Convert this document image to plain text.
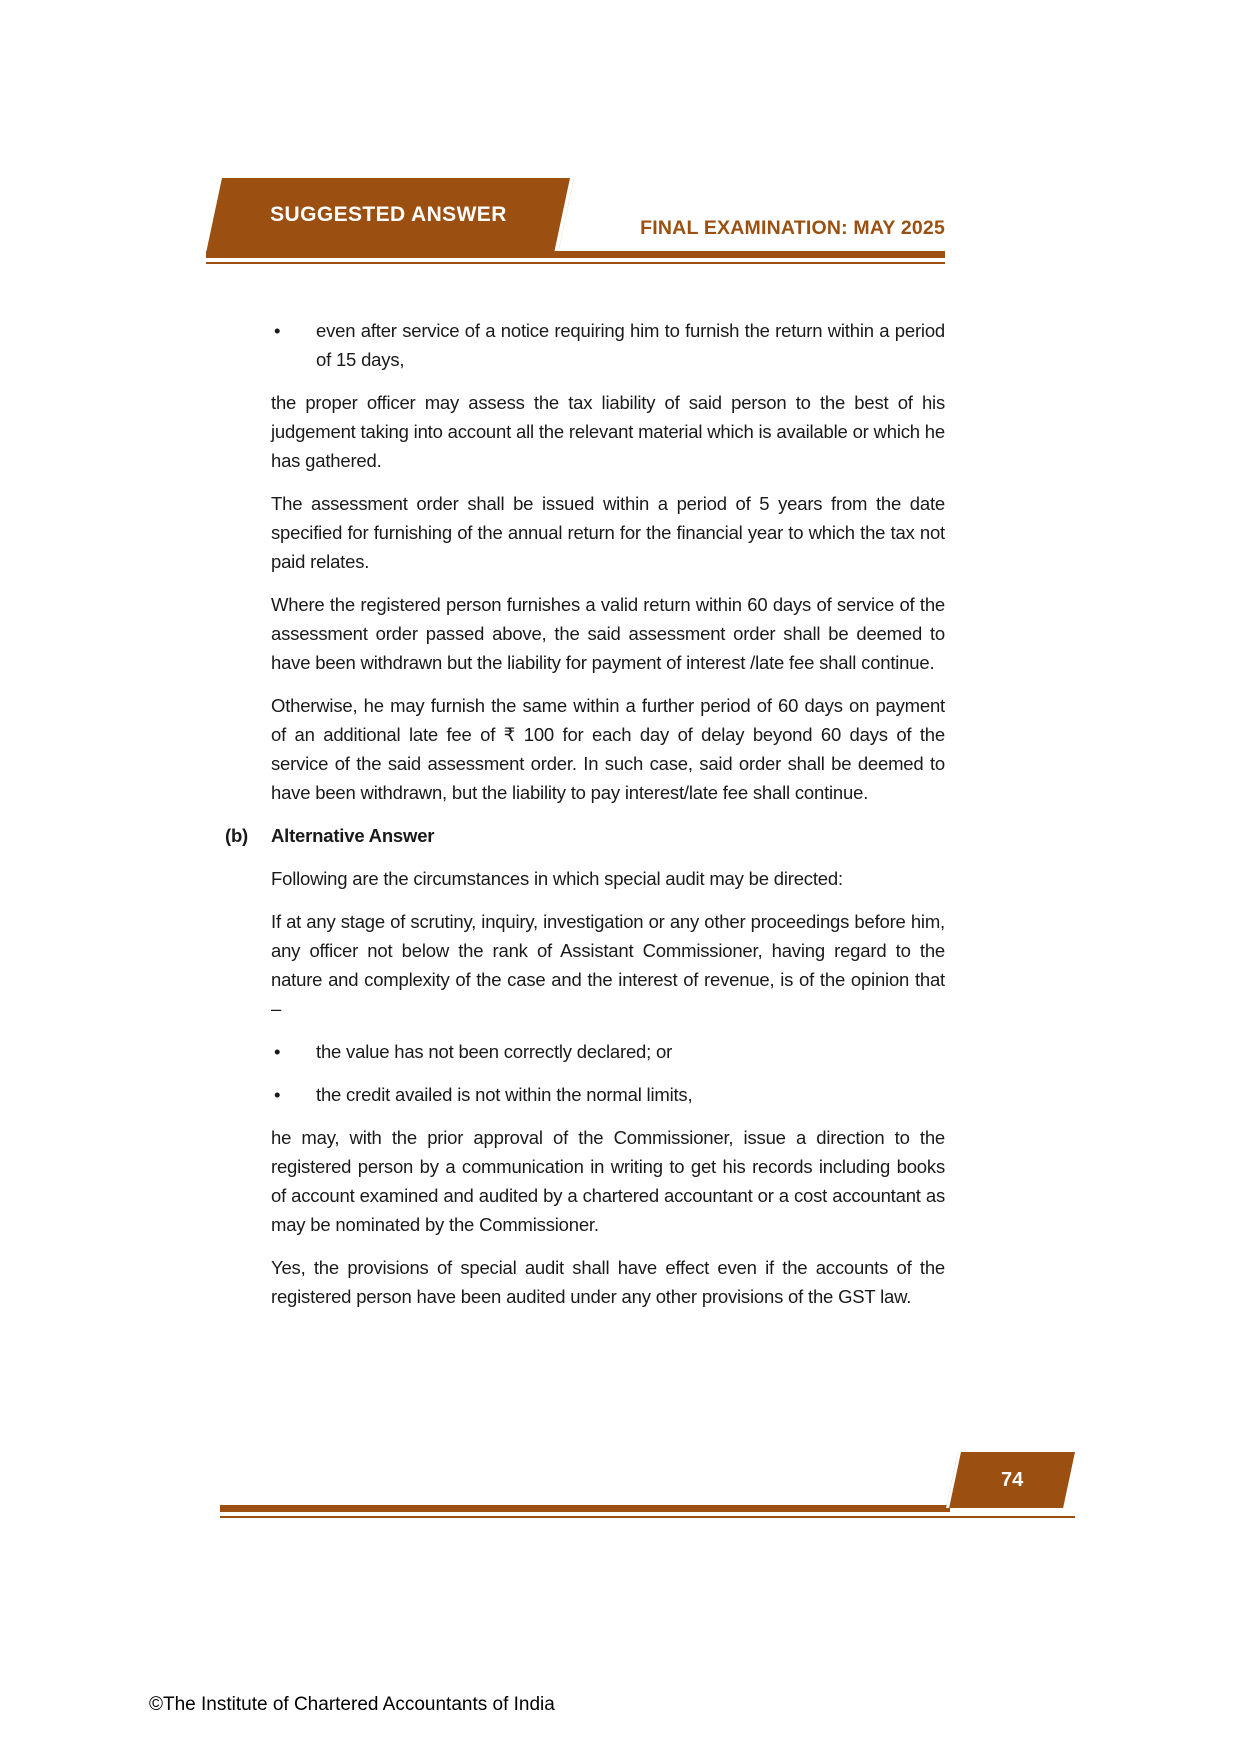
SUGGESTED ANSWER
FINAL EXAMINATION: MAY 2025
• even after service of a notice requiring him to furnish the return within a period of 15 days,

the proper officer may assess the tax liability of said person to the best of his judgement taking into account all the relevant material which is available or which he has gathered.

The assessment order shall be issued within a period of 5 years from the date specified for furnishing of the annual return for the financial year to which the tax not paid relates.

Where the registered person furnishes a valid return within 60 days of service of the assessment order passed above, the said assessment order shall be deemed to have been withdrawn but the liability for payment of interest /late fee shall continue.

Otherwise, he may furnish the same within a further period of 60 days on payment of an additional late fee of ₹ 100 for each day of delay beyond 60 days of the service of the said assessment order. In such case, said order shall be deemed to have been withdrawn, but the liability to pay interest/late fee shall continue.

(b) Alternative Answer

Following are the circumstances in which special audit may be directed:

If at any stage of scrutiny, inquiry, investigation or any other proceedings before him, any officer not below the rank of Assistant Commissioner, having regard to the nature and complexity of the case and the interest of revenue, is of the opinion that –

• the value has not been correctly declared; or
• the credit availed is not within the normal limits,

he may, with the prior approval of the Commissioner, issue a direction to the registered person by a communication in writing to get his records including books of account examined and audited by a chartered accountant or a cost accountant as may be nominated by the Commissioner.

Yes, the provisions of special audit shall have effect even if the accounts of the registered person have been audited under any other provisions of the GST law.

74
©The Institute of Chartered Accountants of India
